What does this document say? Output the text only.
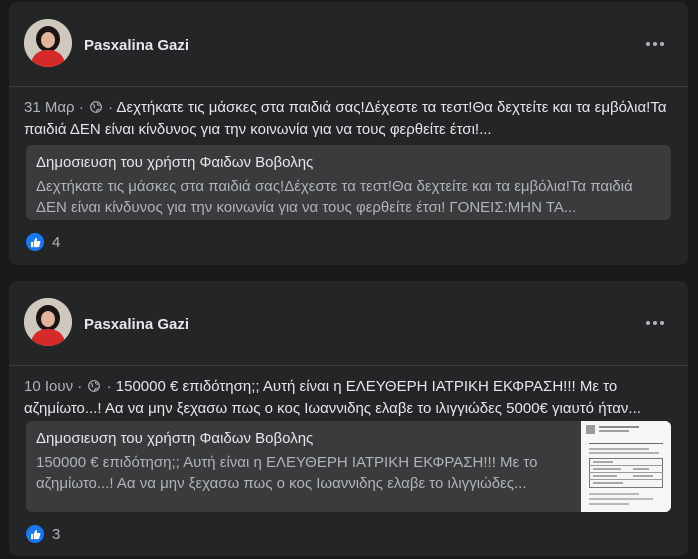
Pasxalina Gazi
31 Μαρ ·  · Δεχτήκατε τις μάσκες στα παιδιά σας!Δέχεστε τα τεστ!Θα δεχτείτε και τα εμβόλια!Τα παιδιά ΔΕΝ είναι κίνδυνος για την κοινωνία για να τους φερθείτε έτσι!...
Δημοσιευση του χρήστη Φαιδων Βοβολης
Δεχτήκατε τις μάσκες στα παιδιά σας!Δέχεστε τα τεστ!Θα δεχτείτε και τα εμβόλια!Τα παιδιά ΔΕΝ είναι κίνδυνος για την κοινωνία για να τους φερθείτε έτσι! ΓΟΝΕΙΣ:ΜΗΝ ΤΑ...
4
Pasxalina Gazi
10 Ιουν ·  · 150000 € επιδότηση;; Αυτή είναι η ΕΛΕΥΘΕΡΗ ΙΑΤΡΙΚΗ ΕΚΦΡΑΣΗ!!! Με το αζημίωτο...! Αα να μην ξεχασω πως ο κος Ιωαννιδης ελαβε το ιλιγγιώδες 5000€ γιαυτό ήταν...
Δημοσιευση του χρήστη Φαιδων Βοβολης
150000 € επιδότηση;; Αυτή είναι η ΕΛΕΥΘΕΡΗ ΙΑΤΡΙΚΗ ΕΚΦΡΑΣΗ!!! Με το αζημίωτο...! Αα να μην ξεχασω πως ο κος Ιωαννιδης ελαβε το ιλιγγιώδες...
3
